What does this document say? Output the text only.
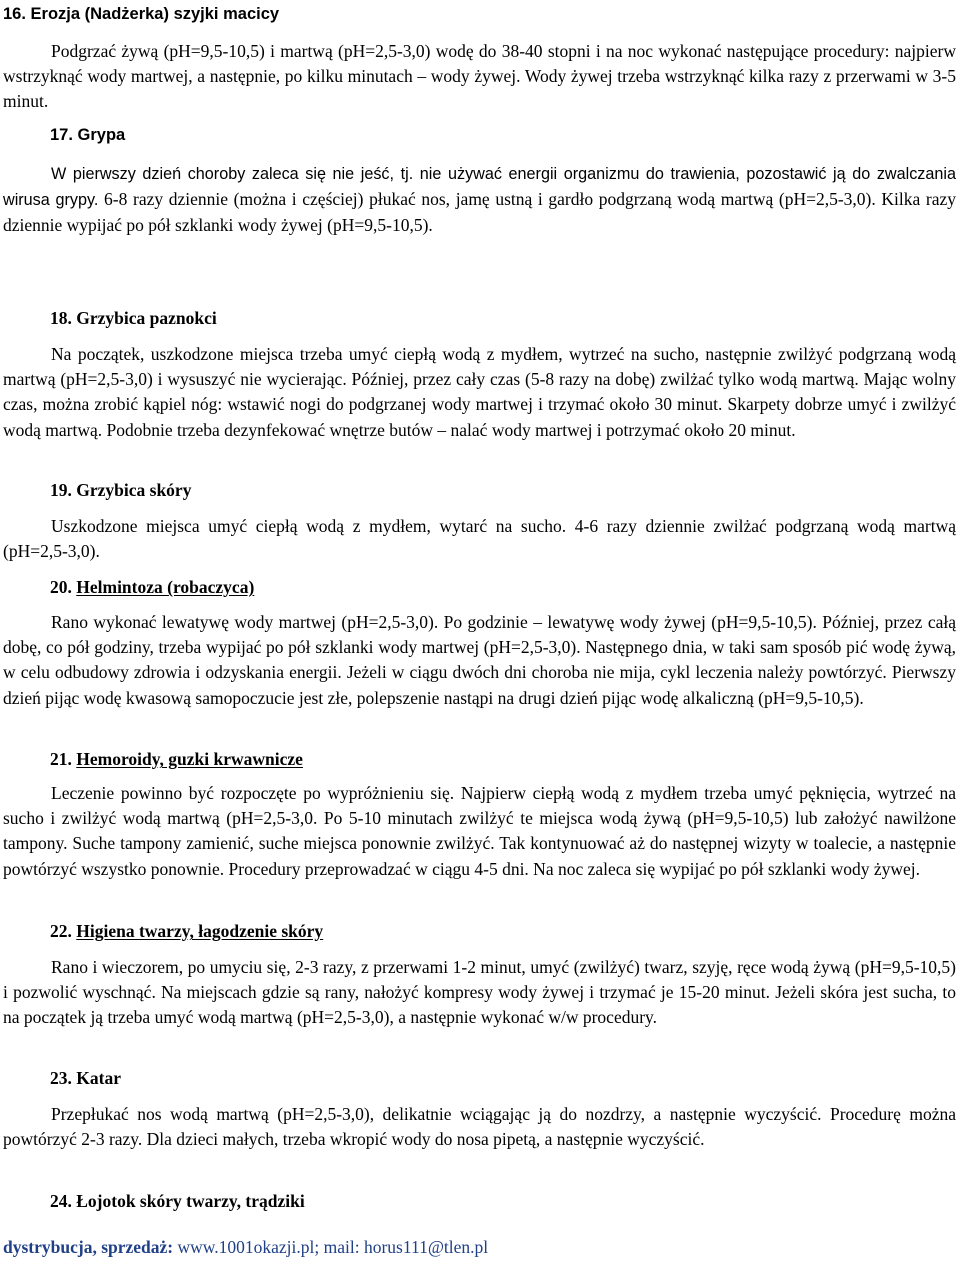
16. Erozja (Nadżerka) szyjki macicy
Podgrzać żywą (pH=9,5-10,5) i martwą (pH=2,5-3,0) wodę do 38-40 stopni i na noc wykonać następujące procedury: najpierw wstrzyknąć wody martwej, a następnie, po kilku minutach – wody żywej. Wody żywej trzeba wstrzyknąć kilka razy z przerwami w 3-5 minut.
17. Grypa
W pierwszy dzień choroby zaleca się nie jeść, tj. nie używać energii organizmu do trawienia, pozostawić ją do zwalczania wirusa grypy. 6-8 razy dziennie (można i częściej) płukać nos, jamę ustną i gardło podgrzaną wodą martwą (pH=2,5-3,0). Kilka razy dziennie wypijać po pół szklanki wody żywej (pH=9,5-10,5).
18. Grzybica paznokci
Na początek, uszkodzone miejsca trzeba umyć ciepłą wodą z mydłem, wytrzeć na sucho, następnie zwilżyć podgrzaną wodą martwą (pH=2,5-3,0) i wysuszyć nie wycierając. Później, przez cały czas (5-8 razy na dobę) zwilżać tylko wodą martwą. Mając wolny czas, można zrobić kąpiel nóg: wstawić nogi do podgrzanej wody martwej i trzymać około 30 minut. Skarpety dobrze umyć i zwilżyć wodą martwą. Podobnie trzeba dezynfekować wnętrze butów – nalać wody martwej i potrzymać około 20 minut.
19. Grzybica skóry
Uszkodzone miejsca umyć ciepłą wodą z mydłem, wytarć na sucho. 4-6 razy dziennie zwilżać podgrzaną wodą martwą (pH=2,5-3,0).
20. Helmintoza (robaczyca)
Rano wykonać lewatywę wody martwej (pH=2,5-3,0). Po godzinie – lewatywę wody żywej (pH=9,5-10,5). Później, przez całą dobę, co pół godziny, trzeba wypijać po pół szklanki wody martwej (pH=2,5-3,0). Następnego dnia, w taki sam sposób pić wodę żywą, w celu odbudowy zdrowia i odzyskania energii. Jeżeli w ciągu dwóch dni choroba nie mija, cykl leczenia należy powtórzyć. Pierwszy dzień pijąc wodę kwasową samopoczucie jest złe, polepszenie nastąpi na drugi dzień pijąc wodę alkaliczną (pH=9,5-10,5).
21. Hemoroidy, guzki krwawnicze
Leczenie powinno być rozpoczęte po wypróżnieniu się. Najpierw ciepłą wodą z mydłem trzeba umyć pęknięcia, wytrzeć na sucho i zwilżyć wodą martwą (pH=2,5-3,0. Po 5-10 minutach zwilżyć te miejsca wodą żywą (pH=9,5-10,5) lub założyć nawilżone tampony. Suche tampony zamienić, suche miejsca ponownie zwilżyć. Tak kontynuować aż do następnej wizyty w toalecie, a następnie powtórzyć wszystko ponownie. Procedury przeprowadzać w ciągu 4-5 dni. Na noc zaleca się wypijać po pół szklanki wody żywej.
22. Higiena twarzy, łagodzenie skóry
Rano i wieczorem, po umyciu się, 2-3 razy, z przerwami 1-2 minut, umyć (zwilżyć) twarz, szyję, ręce wodą żywą (pH=9,5-10,5) i pozwolić wyschnąć. Na miejscach gdzie są rany, nałożyć kompresy wody żywej i trzymać je 15-20 minut. Jeżeli skóra jest sucha, to na początek ją trzeba umyć wodą martwą (pH=2,5-3,0), a następnie wykonać w/w procedury.
23. Katar
Przepłukać nos wodą martwą (pH=2,5-3,0), delikatnie wciągając ją do nozdrzy, a następnie wyczyścić. Procedurę można powtórzyć 2-3 razy. Dla dzieci małych, trzeba wkropić wody do nosa pipetą, a następnie wyczyścić.
24. Łojotok skóry twarzy, trądziki
dystrybucja, sprzedaż: www.1001okazji.pl; mail: horus111@tlen.pl
